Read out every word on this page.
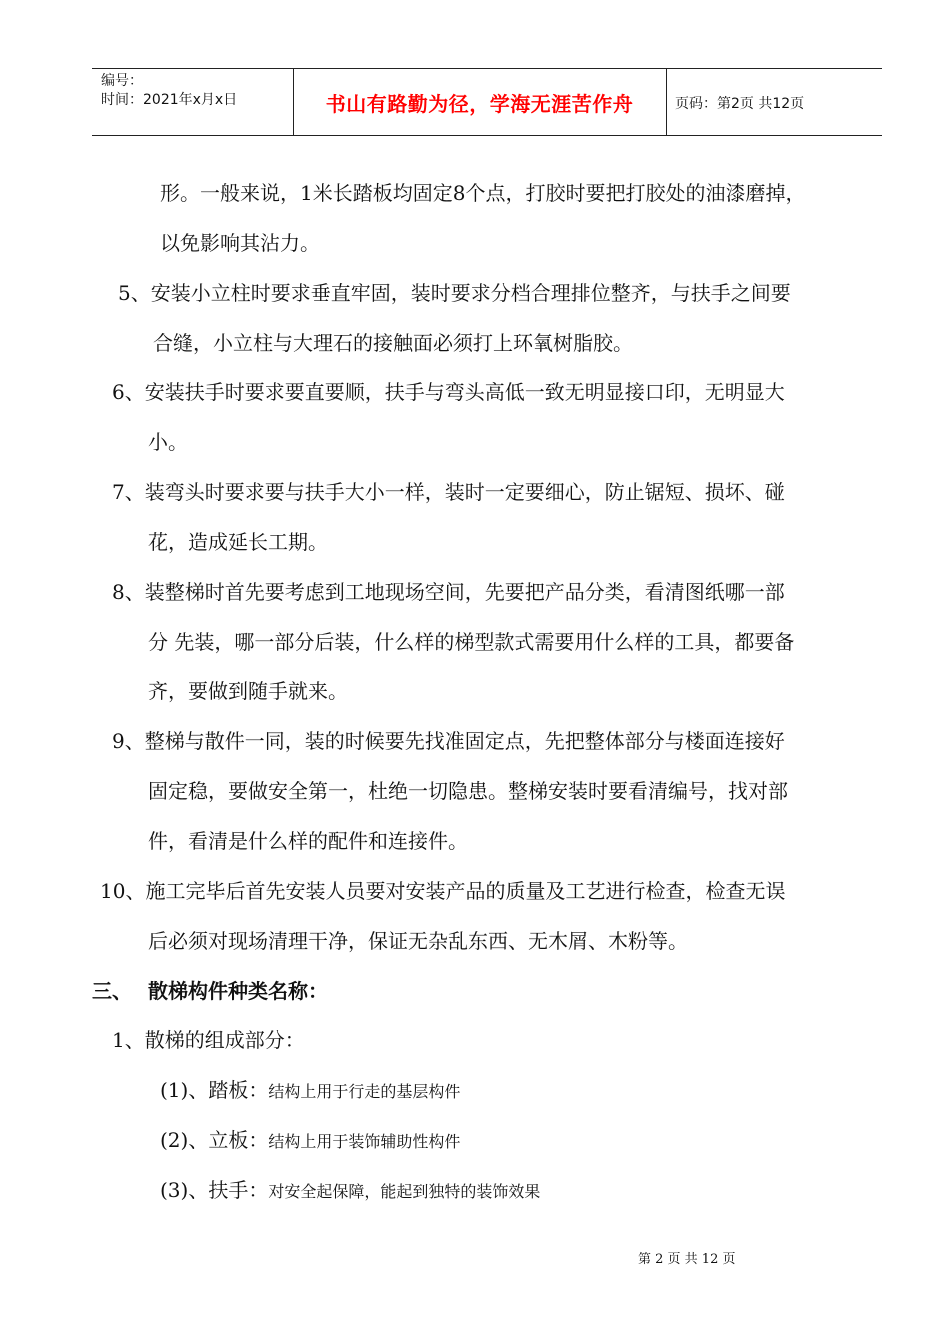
编号：
时间：2021年x月x日	书山有路勤为径，学海无涯苦作舟	页码：第2页 共12页
形。一般来说，1米长踏板均固定8个点，打胶时要把打胶处的油漆磨掉，
以免影响其沾力。
5、安装小立柱时要求垂直牢固，装时要求分档合理排位整齐，与扶手之间要
合缝，小立柱与大理石的接触面必须打上环氧树脂胶。
6、安装扶手时要求要直要顺，扶手与弯头高低一致无明显接口印，无明显大
小。
7、装弯头时要求要与扶手大小一样，装时一定要细心，防止锯短、损坏、碰
花，造成延长工期。
8、装整梯时首先要考虑到工地现场空间，先要把产品分类，看清图纸哪一部
分 先装，哪一部分后装，什么样的梯型款式需要用什么样的工具，都要备
齐，要做到随手就来。
9、整梯与散件一同，装的时候要先找准固定点，先把整体部分与楼面连接好
固定稳，要做安全第一，杜绝一切隐患。整梯安装时要看清编号，找对部
件，看清是什么样的配件和连接件。
10、施工完毕后首先安装人员要对安装产品的质量及工艺进行检查，检查无误
后必须对现场清理干净，保证无杂乱东西、无木屑、木粉等。
三、 散梯构件种类名称：
1、散梯的组成部分：
(1)、踏板：结构上用于行走的基层构件
(2)、立板：结构上用于装饰辅助性构件
(3)、扶手：对安全起保障，能起到独特的装饰效果
第 2 页 共 12 页
